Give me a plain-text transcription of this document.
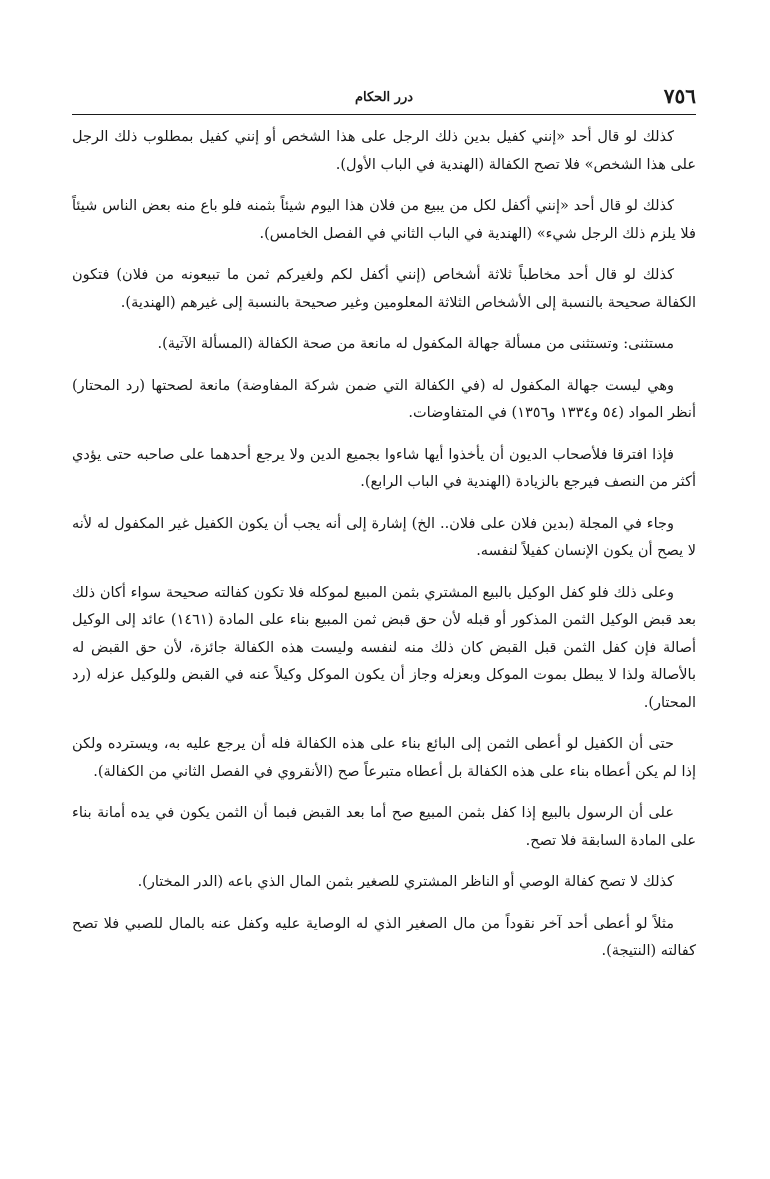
٧٥٦
درر الحكام

كذلك لو قال أحد «إنني كفيل بدين ذلك الرجل على هذا الشخص أو إنني كفيل بمطلوب ذلك الرجل على هذا الشخص» فلا تصح الكفالة (الهندية في الباب الأول).

كذلك لو قال أحد «إنني أكفل لكل من يبيع من فلان هذا اليوم شيئاً بثمنه فلو باع منه بعض الناس شيئاً فلا يلزم ذلك الرجل شيء» (الهندية في الباب الثاني في الفصل الخامس).

كذلك لو قال أحد مخاطباً ثلاثة أشخاص (إنني أكفل لكم ولغيركم ثمن ما تبيعونه من فلان) فتكون الكفالة صحيحة بالنسبة إلى الأشخاص الثلاثة المعلومين وغير صحيحة بالنسبة إلى غيرهم (الهندية).

مستثنى: وتستثنى من مسألة جهالة المكفول له مانعة من صحة الكفالة (المسألة الآتية).

وهي ليست جهالة المكفول له (في الكفالة التي ضمن شركة المفاوضة) مانعة لصحتها (رد المحتار) أنظر المواد (٥٤ و١٣٣٤ و١٣٥٦) في المتفاوضات.

فإذا افترقا فلأصحاب الديون أن يأخذوا أيها شاءوا بجميع الدين ولا يرجع أحدهما على صاحبه حتى يؤدي أكثر من النصف فيرجع بالزيادة (الهندية في الباب الرابع).

وجاء في المجلة (بدين فلان على فلان.. الخ) إشارة إلى أنه يجب أن يكون الكفيل غير المكفول له لأنه لا يصح أن يكون الإنسان كفيلاً لنفسه.

وعلى ذلك فلو كفل الوكيل بالبيع المشتري بثمن المبيع لموكله فلا تكون كفالته صحيحة سواء أكان ذلك بعد قبض الوكيل الثمن المذكور أو قبله لأن حق قبض ثمن المبيع بناء على المادة (١٤٦١) عائد إلى الوكيل أصالة فإن كفل الثمن قبل القبض كان ذلك منه لنفسه وليست هذه الكفالة جائزة، لأن حق القبض له بالأصالة ولذا لا يبطل بموت الموكل وبعزله وجاز أن يكون الموكل وكيلاً عنه في القبض وللوكيل عزله (رد المحتار).

حتى أن الكفيل لو أعطى الثمن إلى البائع بناء على هذه الكفالة فله أن يرجع عليه به، ويسترده ولكن إذا لم يكن أعطاه بناء على هذه الكفالة بل أعطاه متبرعاً صح (الأنقروي في الفصل الثاني من الكفالة).

على أن الرسول بالبيع إذا كفل بثمن المبيع صح أما بعد القبض فبما أن الثمن يكون في يده أمانة بناء على المادة السابقة فلا تصح.

كذلك لا تصح كفالة الوصي أو الناظر المشتري للصغير بثمن المال الذي باعه (الدر المختار).

مثلاً لو أعطى أحد آخر نقوداً من مال الصغير الذي له الوصاية عليه وكفل عنه بالمال للصبي فلا تصح كفالته (النتيجة).
